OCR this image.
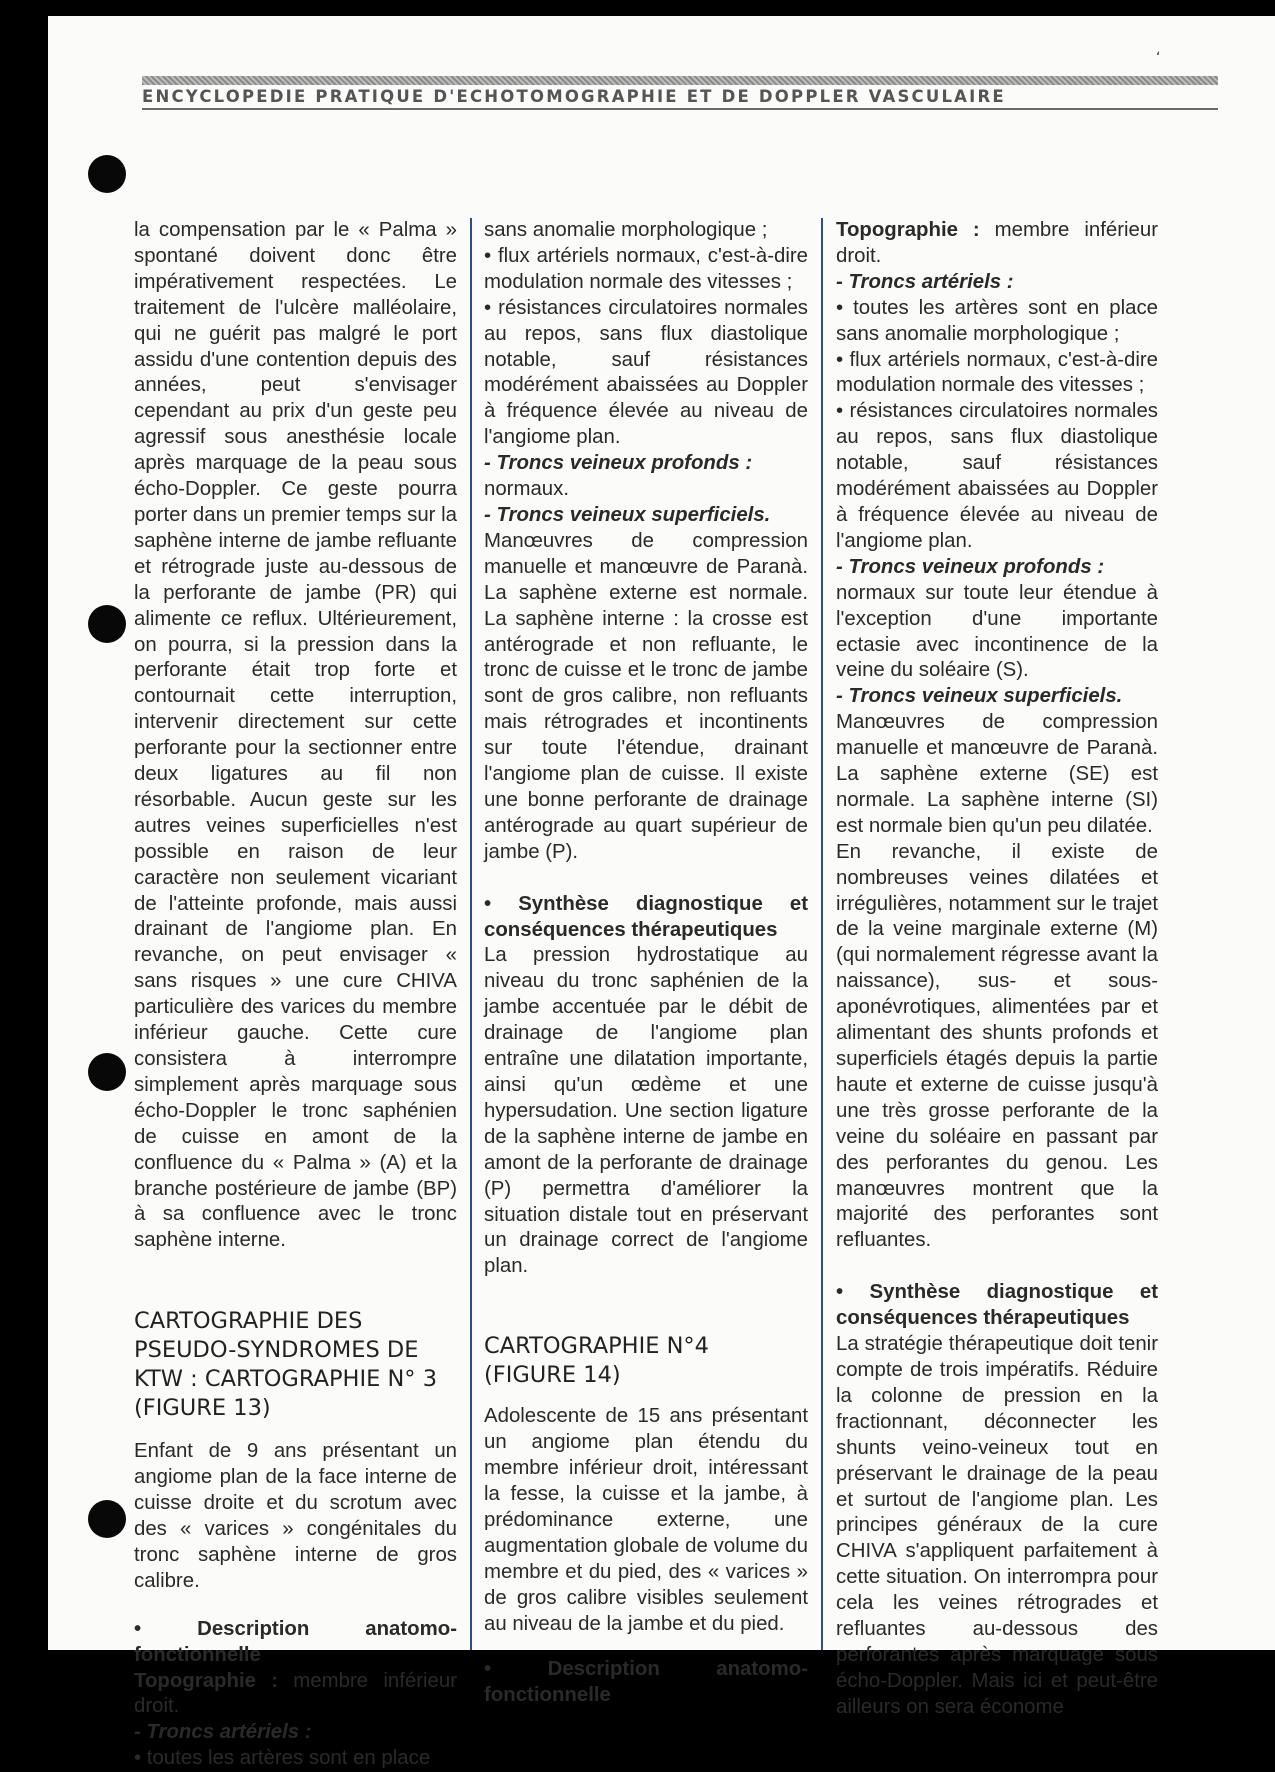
ʻ
ENCYCLOPEDIE PRATIQUE D'ECHOTOMOGRAPHIE ET DE DOPPLER VASCULAIRE

la compensation par le « Palma » spontané doivent donc être impérativement respectées. Le traitement de l'ulcère malléolaire, qui ne guérit pas malgré le port assidu d'une contention depuis des années, peut s'envisager cependant au prix d'un geste peu agressif sous anesthésie locale après marquage de la peau sous écho-Doppler. Ce geste pourra porter dans un premier temps sur la saphène interne de jambe refluante et rétrograde juste au-dessous de la perforante de jambe (PR) qui alimente ce reflux. Ultérieurement, on pourra, si la pression dans la perforante était trop forte et contournait cette interruption, intervenir directement sur cette perforante pour la sectionner entre deux ligatures au fil non résorbable. Aucun geste sur les autres veines superficielles n'est possible en raison de leur caractère non seulement vicariant de l'atteinte profonde, mais aussi drainant de l'angiome plan. En revanche, on peut envisager « sans risques » une cure CHIVA particulière des varices du membre inférieur gauche. Cette cure consistera à interrompre simplement après marquage sous écho-Doppler le tronc saphénien de cuisse en amont de la confluence du « Palma » (A) et la branche postérieure de jambe (BP) à sa confluence avec le tronc saphène interne.

CARTOGRAPHIE DES PSEUDO-SYNDROMES DE KTW : CARTOGRAPHIE N° 3 (FIGURE 13)

Enfant de 9 ans présentant un angiome plan de la face interne de cuisse droite et du scrotum avec des « varices » congénitales du tronc saphène interne de gros calibre.

• Description anatomo-fonctionnelle

Topographie : membre inférieur droit.

- Troncs artériels :

• toutes les artères sont en place

sans anomalie morphologique ;

• flux artériels normaux, c'est-à-dire modulation normale des vitesses ;

• résistances circulatoires normales au repos, sans flux diastolique notable, sauf résistances modérément abaissées au Doppler à fréquence élevée au niveau de l'angiome plan.

- Troncs veineux profonds :

normaux.

- Troncs veineux superficiels.

Manœuvres de compression manuelle et manœuvre de Paranà. La saphène externe est normale. La saphène interne : la crosse est antérograde et non refluante, le tronc de cuisse et le tronc de jambe sont de gros calibre, non refluants mais rétrogrades et incontinents sur toute l'étendue, drainant l'angiome plan de cuisse. Il existe une bonne perforante de drainage antérograde au quart supérieur de jambe (P).

• Synthèse diagnostique et conséquences thérapeutiques

La pression hydrostatique au niveau du tronc saphénien de la jambe accentuée par le débit de drainage de l'angiome plan entraîne une dilatation importante, ainsi qu'un œdème et une hypersudation. Une section ligature de la saphène interne de jambe en amont de la perforante de drainage (P) permettra d'améliorer la situation distale tout en préservant un drainage correct de l'angiome plan.

CARTOGRAPHIE N°4 (FIGURE 14)

Adolescente de 15 ans présentant un angiome plan étendu du membre inférieur droit, intéressant la fesse, la cuisse et la jambe, à prédominance externe, une augmentation globale de volume du membre et du pied, des « varices » de gros calibre visibles seulement au niveau de la jambe et du pied.

• Description anatomo-fonctionnelle

Topographie : membre inférieur droit.

- Troncs artériels :

• toutes les artères sont en place sans anomalie morphologique ;

• flux artériels normaux, c'est-à-dire modulation normale des vitesses ;

• résistances circulatoires normales au repos, sans flux diastolique notable, sauf résistances modérément abaissées au Doppler à fréquence élevée au niveau de l'angiome plan.

- Troncs veineux profonds :

normaux sur toute leur étendue à l'exception d'une importante ectasie avec incontinence de la veine du soléaire (S).

- Troncs veineux superficiels.

Manœuvres de compression manuelle et manœuvre de Paranà. La saphène externe (SE) est normale. La saphène interne (SI) est normale bien qu'un peu dilatée.

En revanche, il existe de nombreuses veines dilatées et irrégulières, notamment sur le trajet de la veine marginale externe (M) (qui normalement régresse avant la naissance), sus- et sous-aponévrotiques, alimentées par et alimentant des shunts profonds et superficiels étagés depuis la partie haute et externe de cuisse jusqu'à une très grosse perforante de la veine du soléaire en passant par des perforantes du genou. Les manœuvres montrent que la majorité des perforantes sont refluantes.

• Synthèse diagnostique et conséquences thérapeutiques

La stratégie thérapeutique doit tenir compte de trois impératifs. Réduire la colonne de pression en la fractionnant, déconnecter les shunts veino-veineux tout en préservant le drainage de la peau et surtout de l'angiome plan. Les principes généraux de la cure CHIVA s'appliquent parfaitement à cette situation. On interrompra pour cela les veines rétrogrades et refluantes au-dessous des perforantes après marquage sous écho-Doppler. Mais ici et peut-être ailleurs on sera économe
